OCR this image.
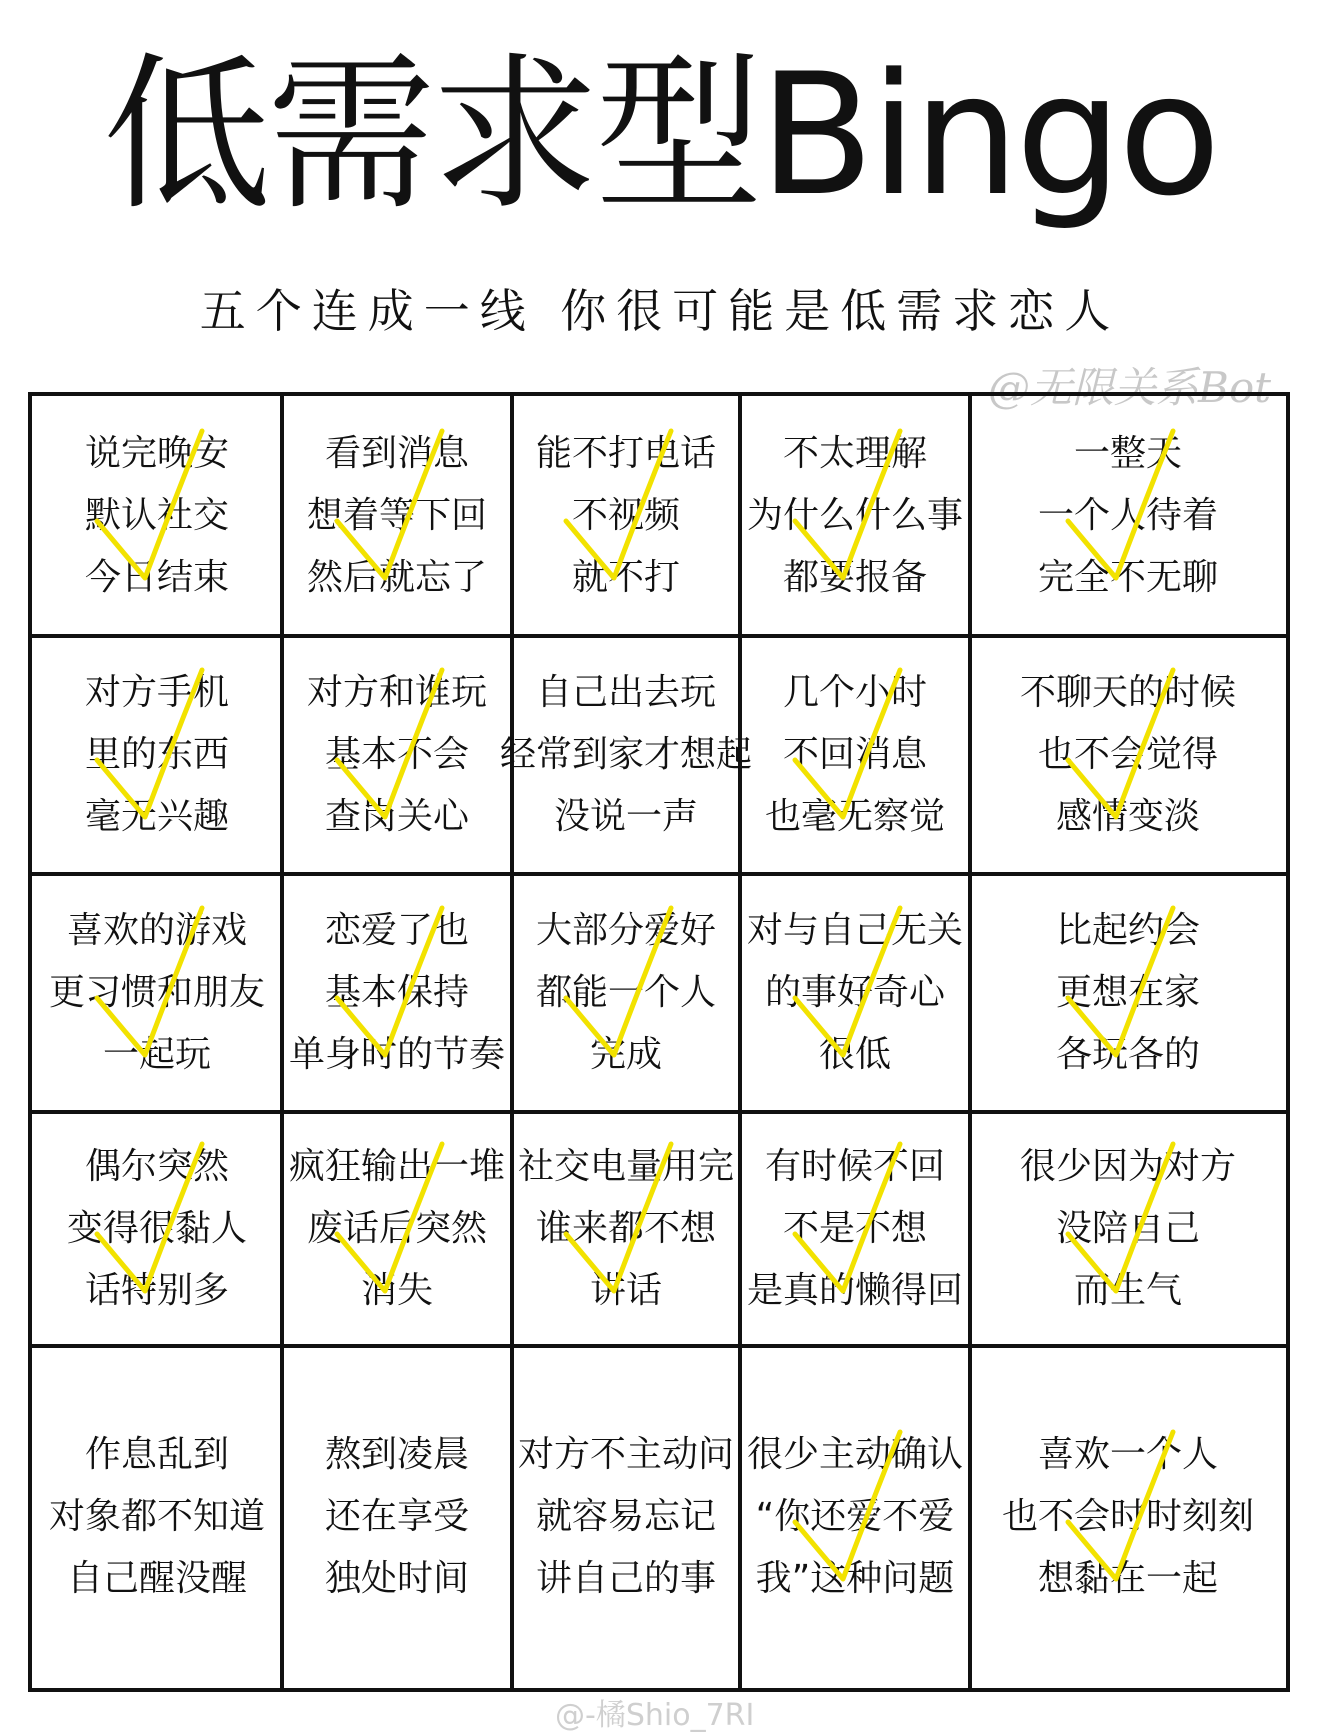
低需求型Bingo
五个连成一线 你很可能是低需求恋人
@无限关系Bot
说完晚安
默认社交
今日结束
看到消息
想着等下回
然后就忘了
能不打电话
不视频
就不打
不太理解
为什么什么事
都要报备
一整天
一个人待着
完全不无聊
对方手机
里的东西
毫无兴趣
对方和谁玩
基本不会
查岗关心
自己出去玩
经常到家才想起
没说一声
几个小时
不回消息
也毫无察觉
不聊天的时候
也不会觉得
感情变淡
喜欢的游戏
更习惯和朋友
一起玩
恋爱了也
基本保持
单身时的节奏
大部分爱好
都能一个人
完成
对与自己无关
的事好奇心
很低
比起约会
更想在家
各玩各的
偶尔突然
变得很黏人
话特别多
疯狂输出一堆
废话后突然
消失
社交电量用完
谁来都不想
讲话
有时候不回
不是不想
是真的懒得回
很少因为对方
没陪自己
而生气
作息乱到
对象都不知道
自己醒没醒
熬到凌晨
还在享受
独处时间
对方不主动问
就容易忘记
讲自己的事
很少主动确认
“你还爱不爱
我”这种问题
喜欢一个人
也不会时时刻刻
想黏在一起
@-橘Shio_7RI
